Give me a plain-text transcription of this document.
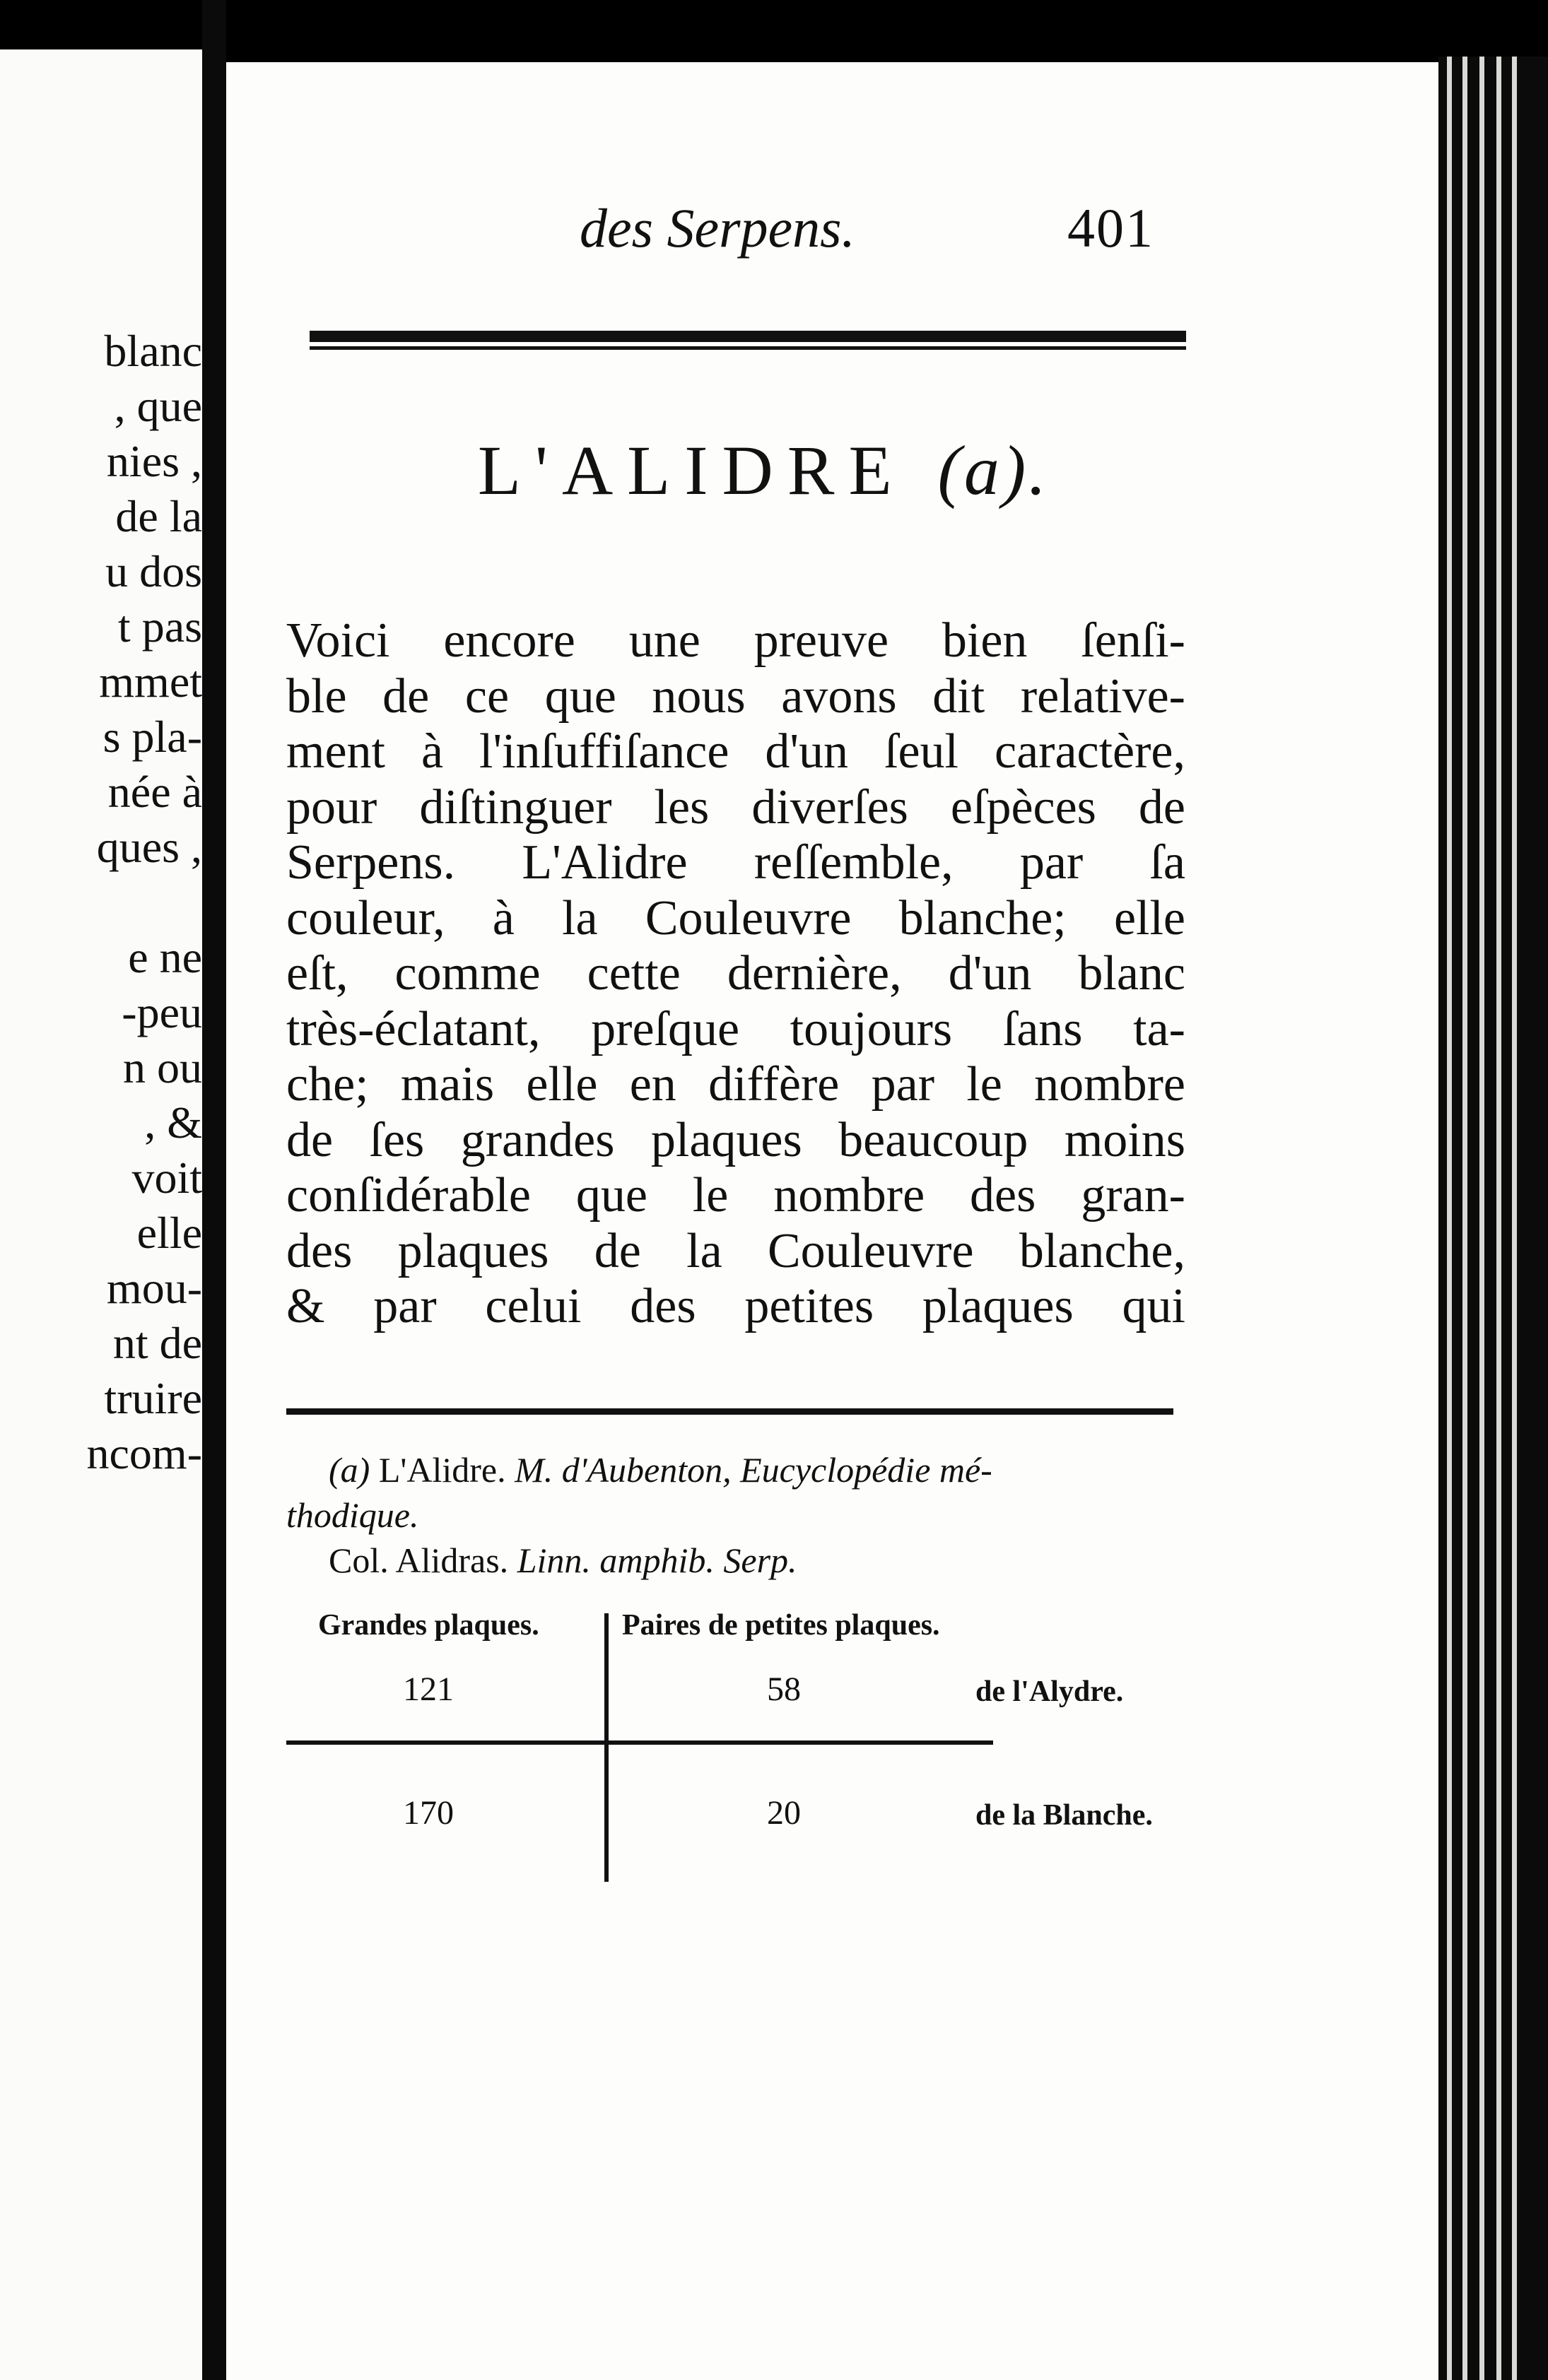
blanc
, que
nies ,
de la
u dos
t pas
mmet
s pla-
née à
ques ,
e ne
-peu
n ou
, &
voit
elle
mou-
nt de
truire
ncom-
des Serpens.	401
L'ALIDRE (a).
Voici encore une preuve bien ſenſi-
ble de ce que nous avons dit relative-
ment à l'inſuffiſance d'un ſeul caractère,
pour diſtinguer les diverſes eſpèces de
Serpens. L'Alidre reſſemble, par ſa
couleur, à la Couleuvre blanche; elle
eſt, comme cette dernière, d'un blanc
très-éclatant, preſque toujours ſans ta-
che; mais elle en diffère par le nombre
de ſes grandes plaques beaucoup moins
conſidérable que le nombre des gran-
des plaques de la Couleuvre blanche,
& par celui des petites plaques qui
(a) L'Alidre. M. d'Aubenton, Eucyclopédie mé-
thodique.
Col. Alidras. Linn. amphib. Serp.
Grandes plaques.	Paires de petites plaques.
121	58	de l'Alydre.
170	20	de la Blanche.
